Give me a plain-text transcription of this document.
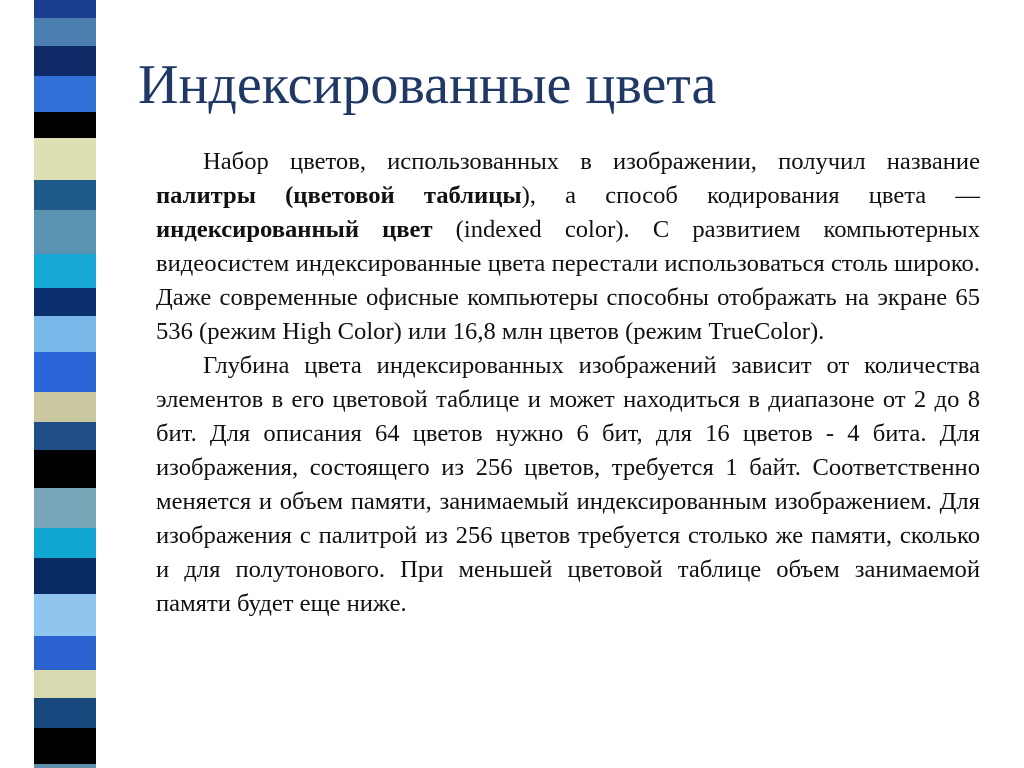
Индексированные цвета

Набор цветов, использованных в изображении, получил название палитры (цветовой таблицы), а способ кодирования цвета — индексированный цвет (indexed color). С развитием компьютерных видеосистем индексированные цвета перестали использоваться столь широко. Даже современные офисные компьютеры способны отображать на экране 65 536 (режим High Color) или 16,8 млн цветов (режим TrueColor).

Глубина цвета индексированных изображений зависит от количества элементов в его цветовой таблице и может находиться в диапазоне от 2 до 8 бит. Для описания 64 цветов нужно 6 бит, для 16 цветов - 4 бита. Для изображения, состоящего из 256 цветов, требуется 1 байт. Соответственно меняется и объем памяти, занимаемый индексированным изображением. Для изображения с палитрой из 256 цветов требуется столько же памяти, сколько и для полутонового. При меньшей цветовой таблице объем занимаемой памяти будет еще ниже.
